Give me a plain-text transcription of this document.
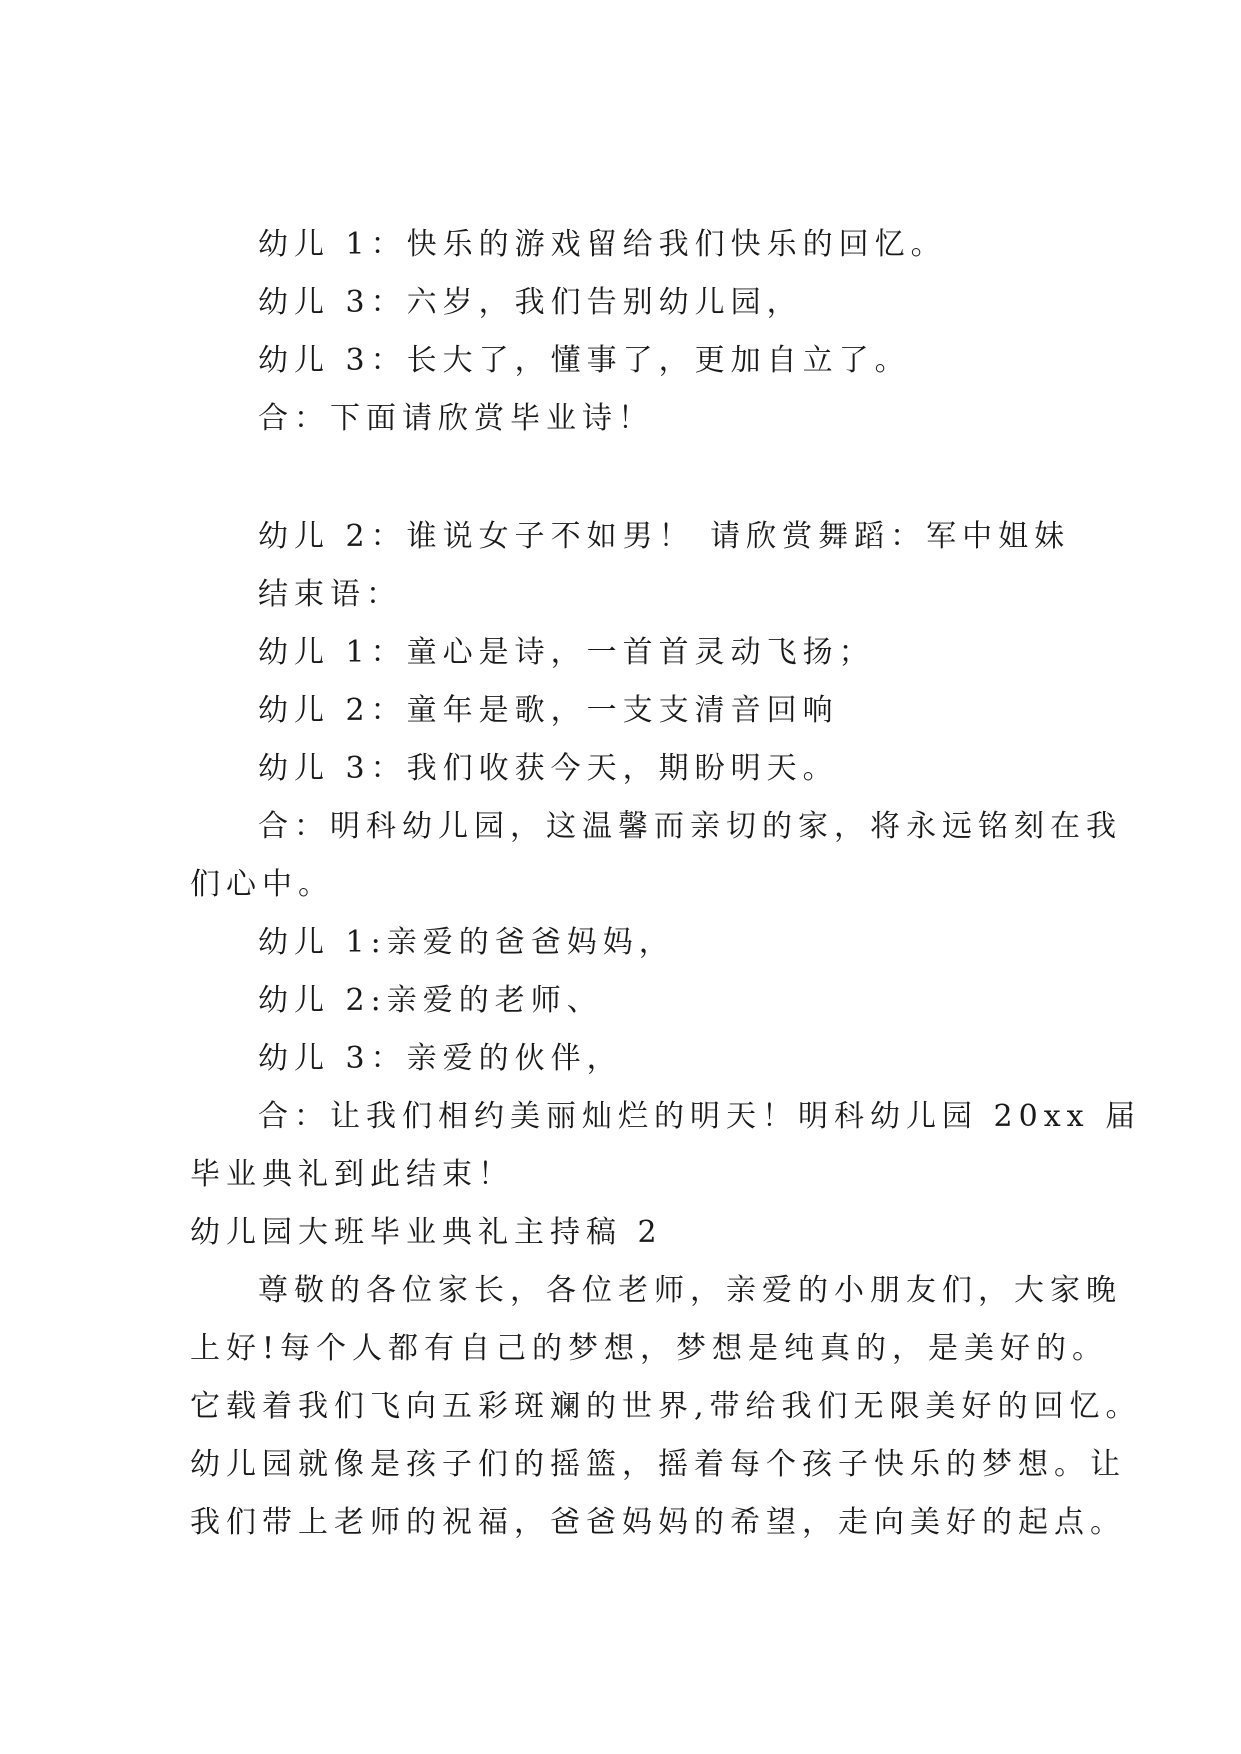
幼儿 1：快乐的游戏留给我们快乐的回忆。
幼儿 3：六岁，我们告别幼儿园，
幼儿 3：长大了，懂事了，更加自立了。
合：下面请欣赏毕业诗！
幼儿 2：谁说女子不如男！ 请欣赏舞蹈：军中姐妹
结束语：
幼儿 1：童心是诗，一首首灵动飞扬；
幼儿 2：童年是歌，一支支清音回响
幼儿 3：我们收获今天，期盼明天。
合：明科幼儿园，这温馨而亲切的家，将永远铭刻在我
们心中。
幼儿 1:亲爱的爸爸妈妈，
幼儿 2:亲爱的老师、
幼儿 3：亲爱的伙伴，
合：让我们相约美丽灿烂的明天！明科幼儿园 20xx 届
毕业典礼到此结束！
幼儿园大班毕业典礼主持稿 2
尊敬的各位家长，各位老师，亲爱的小朋友们，大家晚
上好!每个人都有自己的梦想，梦想是纯真的，是美好的。
它载着我们飞向五彩斑斓的世界,带给我们无限美好的回忆。
幼儿园就像是孩子们的摇篮，摇着每个孩子快乐的梦想。让
我们带上老师的祝福，爸爸妈妈的希望，走向美好的起点。
